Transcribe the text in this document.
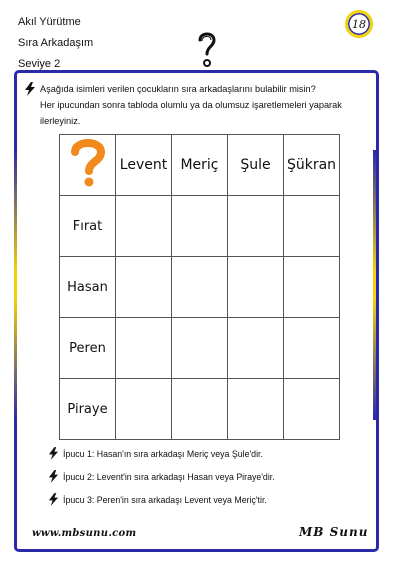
Akıl Yürütme
Sıra Arkadaşım
Seviye 2
18
Aşağıda isimleri verilen çocukların sıra arkadaşlarını bulabilir misin?
Her ipucundan sonra tabloda olumlu ya da olumsuz işaretlemeleri yaparak
ilerleyiniz.
	Levent	Meriç	Şule	Şükran
Fırat				
Hasan				
Peren				
Piraye				
İpucu 1: Hasan'ın sıra arkadaşı Meriç veya Şule'dir.
İpucu 2: Levent'in sıra arkadaşı Hasan veya Piraye'dir.
İpucu 3: Peren'in sıra arkadaşı Levent veya Meriç'tir.
www.mbsunu.com	MB Sunu
